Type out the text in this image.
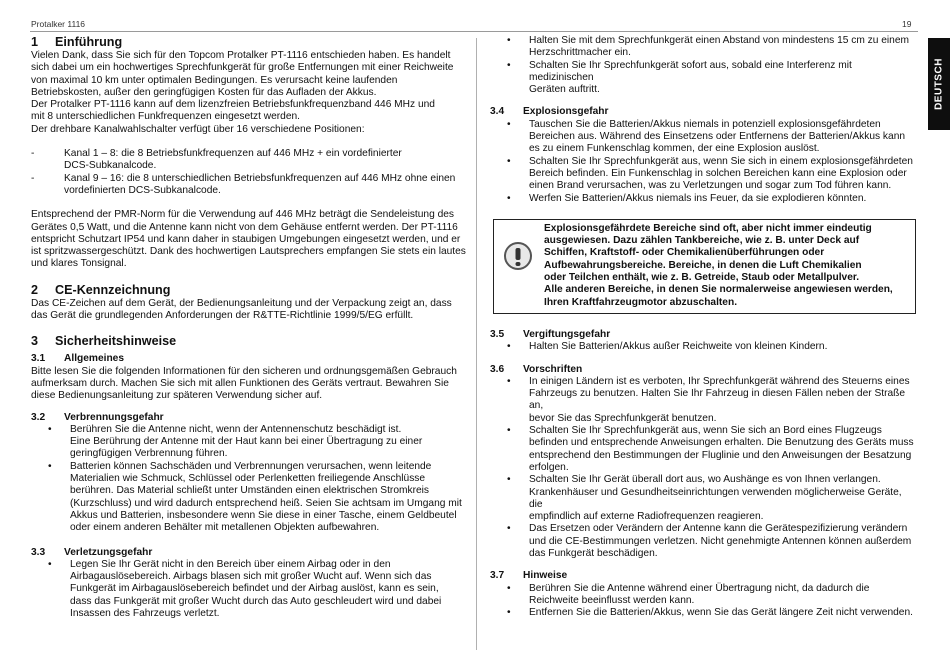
Protalker 1116	19
DEUTSCH
1	Einführung

Vielen Dank, dass Sie sich für den Topcom Protalker PT-1116 entschieden haben. Es handelt
sich dabei um ein hochwertiges Sprechfunkgerät für große Entfernungen mit einer Reichweite
von maximal 10 km unter optimalen Bedingungen. Es verursacht keine laufenden
Betriebskosten, außer den geringfügigen Kosten für das Aufladen der Akkus.
Der Protalker PT-1116 kann auf dem lizenzfreien Betriebsfunkfrequenzband 446 MHz und
mit 8 unterschiedlichen Funkfrequenzen eingesetzt werden.
Der drehbare Kanalwahlschalter verfügt über 16 verschiedene Positionen:

-	Kanal 1 – 8: die 8 Betriebsfunkfrequenzen auf 446 MHz + ein vordefinierter
DCS-Subkanalcode.
-	Kanal 9 – 16: die 8 unterschiedlichen Betriebsfunkfrequenzen auf 446 MHz ohne einen
vordefinierten DCS-Subkanalcode.

Entsprechend der PMR-Norm für die Verwendung auf 446 MHz beträgt die Sendeleistung des
Gerätes 0,5 Watt, und die Antenne kann nicht von dem Gehäuse entfernt werden. Der PT-1116
entspricht Schutzart IP54 und kann daher in staubigen Umgebungen eingesetzt werden, und er
ist spritzwassergeschützt. Dank des hochwertigen Lautsprechers empfangen Sie stets ein lautes
und klares Tonsignal.

2	CE-Kennzeichnung

Das CE-Zeichen auf dem Gerät, der Bedienungsanleitung und der Verpackung zeigt an, dass
das Gerät die grundlegenden Anforderungen der R&TTE-Richtlinie 1999/5/EG erfüllt.

3	Sicherheitshinweise
3.1	Allgemeines

Bitte lesen Sie die folgenden Informationen für den sicheren und ordnungsgemäßen Gebrauch
aufmerksam durch. Machen Sie sich mit allen Funktionen des Geräts vertraut. Bewahren Sie
diese Bedienungsanleitung zur späteren Verwendung sicher auf.

3.2	Verbrennungsgefahr
• Berühren Sie die Antenne nicht, wenn der Antennenschutz beschädigt ist.
Eine Berührung der Antenne mit der Haut kann bei einer Übertragung zu einer
geringfügigen Verbrennung führen.
• Batterien können Sachschäden und Verbrennungen verursachen, wenn leitende
Materialien wie Schmuck, Schlüssel oder Perlenketten freiliegende Anschlüsse
berühren. Das Material schließt unter Umständen einen elektrischen Stromkreis
(Kurzschluss) und wird dadurch entsprechend heiß. Seien Sie achtsam im Umgang mit
Akkus und Batterien, insbesondere wenn Sie diese in einer Tasche, einem Geldbeutel
oder einem anderen Behälter mit metallenen Objekten aufbewahren.
3.3	Verletzungsgefahr
• Legen Sie Ihr Gerät nicht in den Bereich über einem Airbag oder in den
Airbagauslösebereich. Airbags blasen sich mit großer Wucht auf. Wenn sich das
Funkgerät im Airbagauslösebereich befindet und der Airbag auslöst, kann es sein,
dass das Funkgerät mit großer Wucht durch das Auto geschleudert wird und dabei
Insassen des Fahrzeugs verletzt.
• Halten Sie mit dem Sprechfunkgerät einen Abstand von mindestens 15 cm zu einem
Herzschrittmacher ein.
• Schalten Sie Ihr Sprechfunkgerät sofort aus, sobald eine Interferenz mit medizinischen
Geräten auftritt.
3.4	Explosionsgefahr
• Tauschen Sie die Batterien/Akkus niemals in potenziell explosionsgefährdeten
Bereichen aus. Während des Einsetzens oder Entfernens der Batterien/Akkus kann
es zu einem Funkenschlag kommen, der eine Explosion auslöst.
• Schalten Sie Ihr Sprechfunkgerät aus, wenn Sie sich in einem explosionsgefährdeten
Bereich befinden. Ein Funkenschlag in solchen Bereichen kann eine Explosion oder
einen Brand verursachen, was zu Verletzungen und sogar zum Tod führen kann.
• Werfen Sie Batterien/Akkus niemals ins Feuer, da sie explodieren könnten.
Explosionsgefährdete Bereiche sind oft, aber nicht immer eindeutig
ausgewiesen. Dazu zählen Tankbereiche, wie z. B. unter Deck auf
Schiffen, Kraftstoff- oder Chemikalienüberführungen oder
Aufbewahrungsbereiche. Bereiche, in denen die Luft Chemikalien
oder Teilchen enthält, wie z. B. Getreide, Staub oder Metallpulver.
Alle anderen Bereiche, in denen Sie normalerweise angewiesen werden,
Ihren Kraftfahrzeugmotor abzuschalten.
3.5	Vergiftungsgefahr
• Halten Sie Batterien/Akkus außer Reichweite von kleinen Kindern.
3.6	Vorschriften
• In einigen Ländern ist es verboten, Ihr Sprechfunkgerät während des Steuerns eines
Fahrzeugs zu benutzen. Halten Sie Ihr Fahrzeug in diesen Fällen neben der Straße an,
bevor Sie das Sprechfunkgerät benutzen.
• Schalten Sie Ihr Sprechfunkgerät aus, wenn Sie sich an Bord eines Flugzeugs
befinden und entsprechende Anweisungen erhalten. Die Benutzung des Geräts muss
entsprechend den Bestimmungen der Fluglinie und den Anweisungen der Besatzung
erfolgen.
• Schalten Sie Ihr Gerät überall dort aus, wo Aushänge es von Ihnen verlangen.
Krankenhäuser und Gesundheitseinrichtungen verwenden möglicherweise Geräte, die
empfindlich auf externe Radiofrequenzen reagieren.
• Das Ersetzen oder Verändern der Antenne kann die Gerätespezifizierung verändern
und die CE-Bestimmungen verletzen. Nicht genehmigte Antennen können außerdem
das Funkgerät beschädigen.
3.7	Hinweise
• Berühren Sie die Antenne während einer Übertragung nicht, da dadurch die
Reichweite beeinflusst werden kann.
• Entfernen Sie die Batterien/Akkus, wenn Sie das Gerät längere Zeit nicht verwenden.
